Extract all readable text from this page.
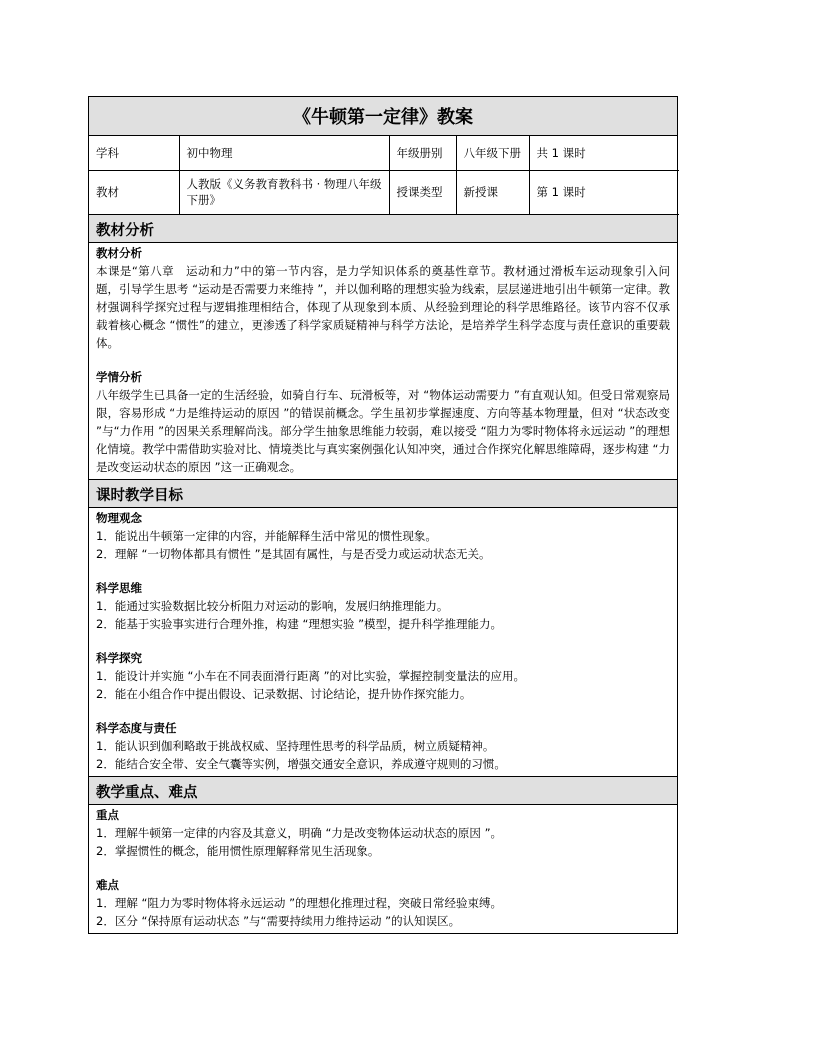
《牛顿第一定律》教案
学科	初中物理	年级册别	八年级下册	共 1 课时
教材	人教版《义务教育教科书 · 物理八年级下册》	授课类型	新授课	第 1 课时
教材分析
教材分析

本课是“第八章　运动和力”中的第一节内容，是力学知识体系的奠基性章节。教材通过滑板车运动现象引入问题，引导学生思考 “运动是否需要力来维持 ”，并以伽利略的理想实验为线索，层层递进地引出牛顿第一定律。教材强调科学探究过程与逻辑推理相结合，体现了从现象到本质、从经验到理论的科学思维路径。该节内容不仅承载着核心概念 “惯性”的建立，更渗透了科学家质疑精神与科学方法论，是培养学生科学态度与责任意识的重要载体。

学情分析

八年级学生已具备一定的生活经验，如骑自行车、玩滑板等，对 “物体运动需要力 ”有直观认知。但受日常观察局限，容易形成 “力是维持运动的原因 ”的错误前概念。学生虽初步掌握速度、方向等基本物理量，但对 “状态改变 ”与“力作用 ”的因果关系理解尚浅。部分学生抽象思维能力较弱，难以接受 “阻力为零时物体将永远运动 ”的理想化情境。教学中需借助实验对比、情境类比与真实案例强化认知冲突，通过合作探究化解思维障碍，逐步构建 “力是改变运动状态的原因 ”这一正确观念。

课时教学目标
物理观念

1．能说出牛顿第一定律的内容，并能解释生活中常见的惯性现象。

2．理解 “一切物体都具有惯性 ”是其固有属性，与是否受力或运动状态无关。

科学思维

1．能通过实验数据比较分析阻力对运动的影响，发展归纳推理能力。

2．能基于实验事实进行合理外推，构建 “理想实验 ”模型，提升科学推理能力。

科学探究

1．能设计并实施 “小车在不同表面滑行距离 ”的对比实验，掌握控制变量法的应用。

2．能在小组合作中提出假设、记录数据、讨论结论，提升协作探究能力。

科学态度与责任

1．能认识到伽利略敢于挑战权威、坚持理性思考的科学品质，树立质疑精神。

2．能结合安全带、安全气囊等实例，增强交通安全意识，养成遵守规则的习惯。

教学重点、难点
重点

1．理解牛顿第一定律的内容及其意义，明确 “力是改变物体运动状态的原因 ”。

2．掌握惯性的概念，能用惯性原理解释常见生活现象。

难点

1．理解 “阻力为零时物体将永远运动 ”的理想化推理过程，突破日常经验束缚。

2．区分 “保持原有运动状态 ”与“需要持续用力维持运动 ”的认知误区。
